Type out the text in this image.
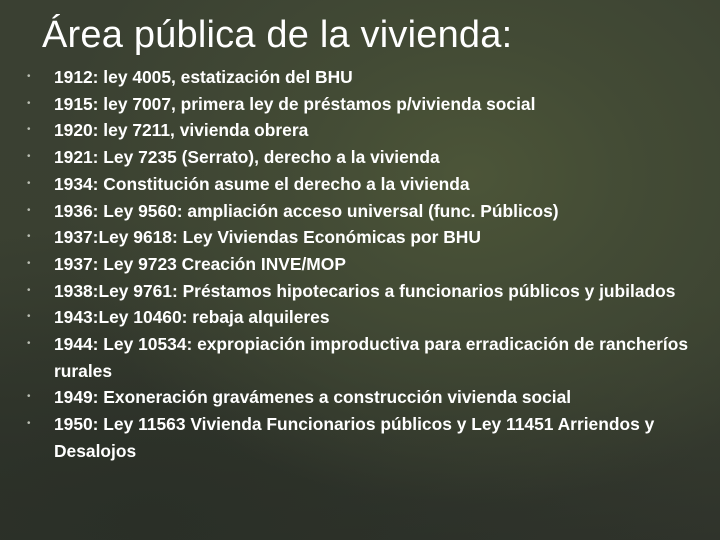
Área pública de la vivienda:
• 1912: ley 4005, estatización del BHU
• 1915: ley 7007, primera ley de préstamos p/vivienda social
• 1920: ley 7211, vivienda obrera
• 1921: Ley 7235 (Serrato), derecho a la vivienda
• 1934: Constitución asume el derecho a la vivienda
• 1936: Ley 9560: ampliación acceso universal (func. Públicos)
• 1937:Ley 9618: Ley Viviendas Económicas por BHU
• 1937: Ley 9723 Creación INVE/MOP
• 1938:Ley 9761: Préstamos hipotecarios a funcionarios públicos y jubilados
• 1943:Ley 10460: rebaja alquileres
• 1944: Ley 10534: expropiación improductiva para erradicación de rancheríos rurales
• 1949: Exoneración gravámenes a construcción vivienda social
• 1950: Ley 11563 Vivienda Funcionarios públicos y Ley 11451 Arriendos y Desalojos
